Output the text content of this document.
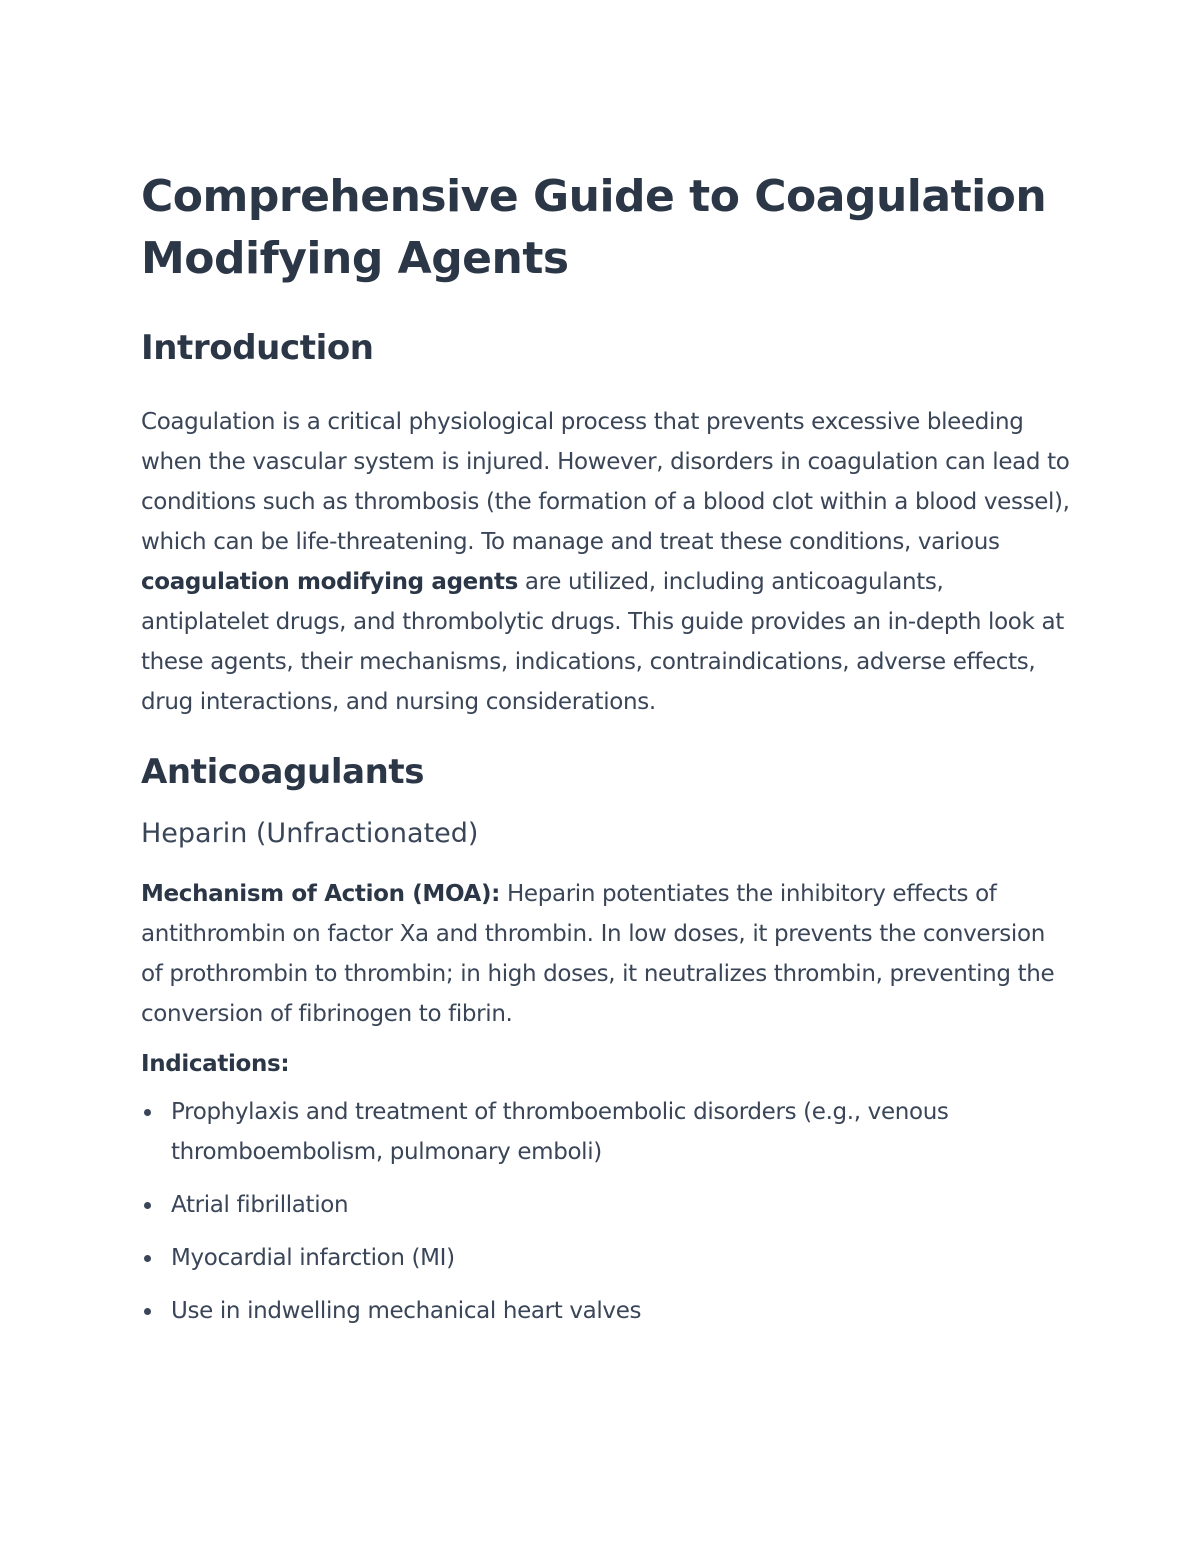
Comprehensive Guide to Coagulation Modifying Agents
Introduction

Coagulation is a critical physiological process that prevents excessive bleeding when the vascular system is injured. However, disorders in coagulation can lead to conditions such as thrombosis (the formation of a blood clot within a blood vessel), which can be life-threatening. To manage and treat these conditions, various coagulation modifying agents are utilized, including anticoagulants, antiplatelet drugs, and thrombolytic drugs. This guide provides an in-depth look at these agents, their mechanisms, indications, contraindications, adverse effects, drug interactions, and nursing considerations.

Anticoagulants
Heparin (Unfractionated)

Mechanism of Action (MOA): Heparin potentiates the inhibitory effects of antithrombin on factor Xa and thrombin. In low doses, it prevents the conversion of prothrombin to thrombin; in high doses, it neutralizes thrombin, preventing the conversion of fibrinogen to fibrin.

Indications:

Prophylaxis and treatment of thromboembolic disorders (e.g., venous thromboembolism, pulmonary emboli)
Atrial fibrillation
Myocardial infarction (MI)
Use in indwelling mechanical heart valves
